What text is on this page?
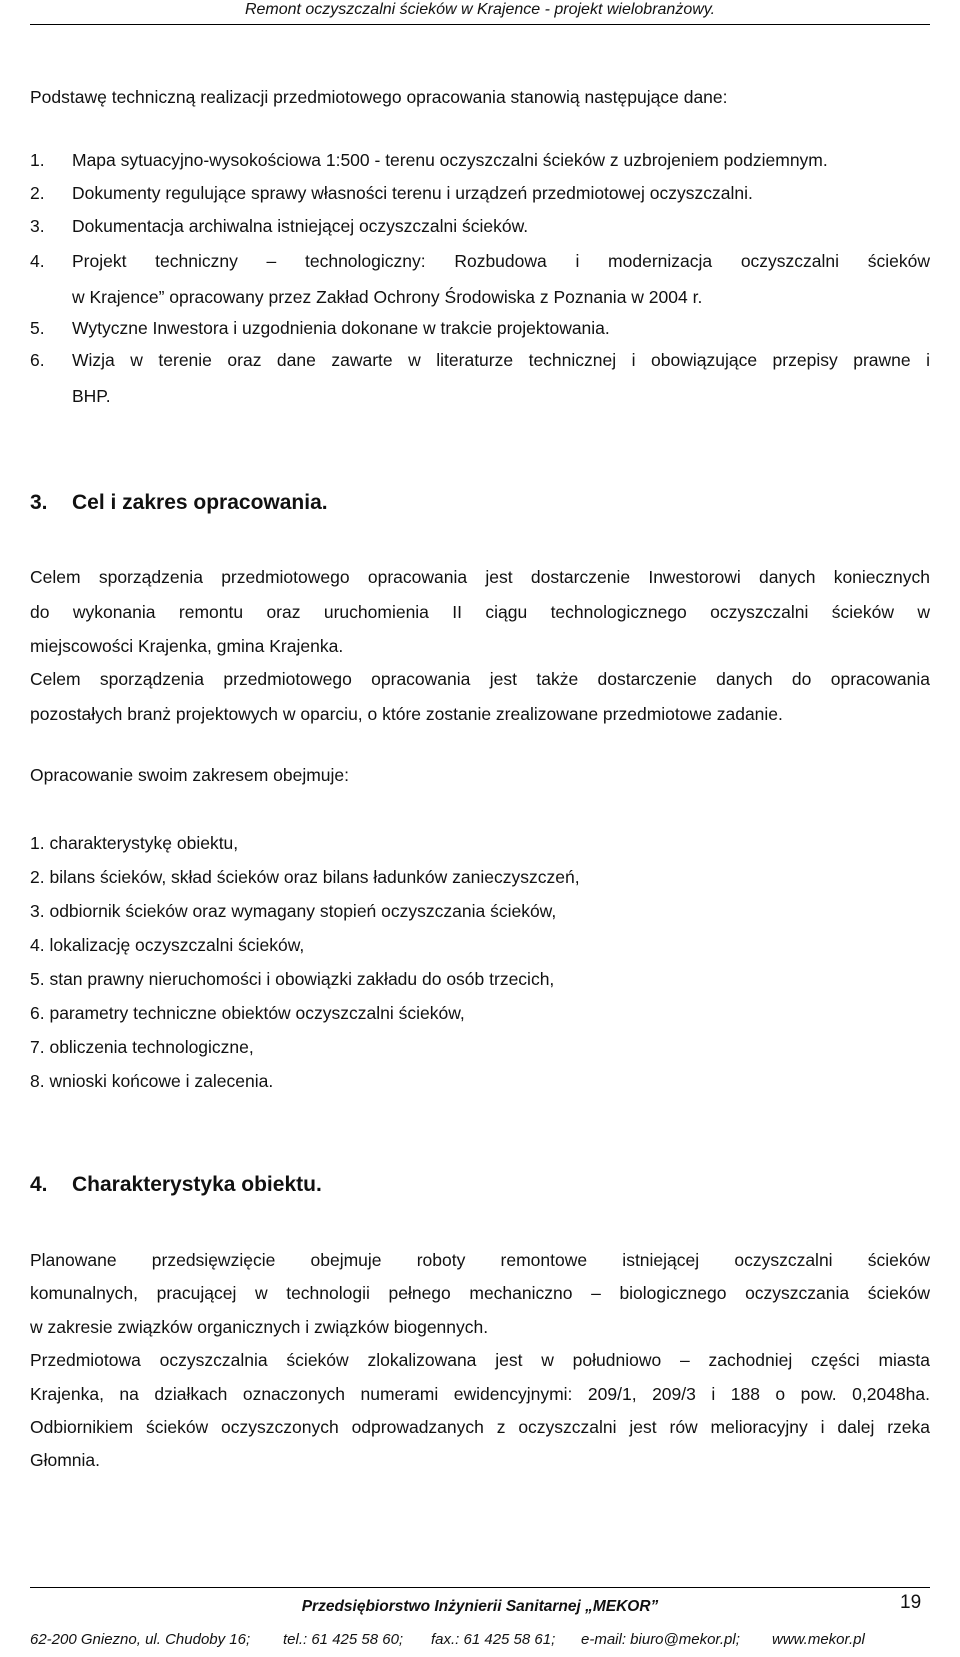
Remont oczyszczalni ścieków w Krajence - projekt wielobranżowy.
Podstawę techniczną realizacji przedmiotowego opracowania stanowią następujące dane:
1. Mapa sytuacyjno-wysokościowa 1:500 - terenu oczyszczalni ścieków z uzbrojeniem podziemnym.
2. Dokumenty regulujące sprawy własności terenu i urządzeń przedmiotowej oczyszczalni.
3. Dokumentacja archiwalna istniejącej oczyszczalni ścieków.
4. Projekt techniczny – technologiczny: Rozbudowa i modernizacja oczyszczalni ścieków
w Krajence” opracowany przez Zakład Ochrony Środowiska z Poznania w 2004 r.
5. Wytyczne Inwestora i uzgodnienia dokonane w trakcie projektowania.
6. Wizja w terenie oraz dane zawarte w literaturze technicznej i obowiązujące przepisy prawne i
BHP.
3. Cel i zakres opracowania.
Celem sporządzenia przedmiotowego opracowania jest dostarczenie Inwestorowi danych koniecznych
do wykonania remontu oraz uruchomienia II ciągu technologicznego oczyszczalni ścieków w
miejscowości Krajenka, gmina Krajenka.
Celem sporządzenia przedmiotowego opracowania jest także dostarczenie danych do opracowania
pozostałych branż projektowych w oparciu, o które zostanie zrealizowane przedmiotowe zadanie.
Opracowanie swoim zakresem obejmuje:
1. charakterystykę obiektu,
2. bilans ścieków, skład ścieków oraz bilans ładunków zanieczyszczeń,
3. odbiornik ścieków oraz wymagany stopień oczyszczania ścieków,
4. lokalizację oczyszczalni ścieków,
5. stan prawny nieruchomości i obowiązki zakładu do osób trzecich,
6. parametry techniczne obiektów oczyszczalni ścieków,
7. obliczenia technologiczne,
8. wnioski końcowe i zalecenia.
4. Charakterystyka obiektu.
Planowane przedsięwzięcie obejmuje roboty remontowe istniejącej oczyszczalni ścieków
komunalnych, pracującej w technologii pełnego mechaniczno – biologicznego oczyszczania ścieków
w zakresie związków organicznych i związków biogennych.
Przedmiotowa oczyszczalnia ścieków zlokalizowana jest w południowo – zachodniej części miasta
Krajenka, na działkach oznaczonych numerami ewidencyjnymi: 209/1, 209/3 i 188 o pow. 0,2048ha.
Odbiornikiem ścieków oczyszczonych odprowadzanych z oczyszczalni jest rów melioracyjny i dalej rzeka
Głomnia.
Przedsiębiorstwo Inżynierii Sanitarnej „MEKOR”	19
62-200 Gniezno, ul. Chudoby 16; tel.: 61 425 58 60; fax.: 61 425 58 61; e-mail: biuro@mekor.pl; www.mekor.pl
